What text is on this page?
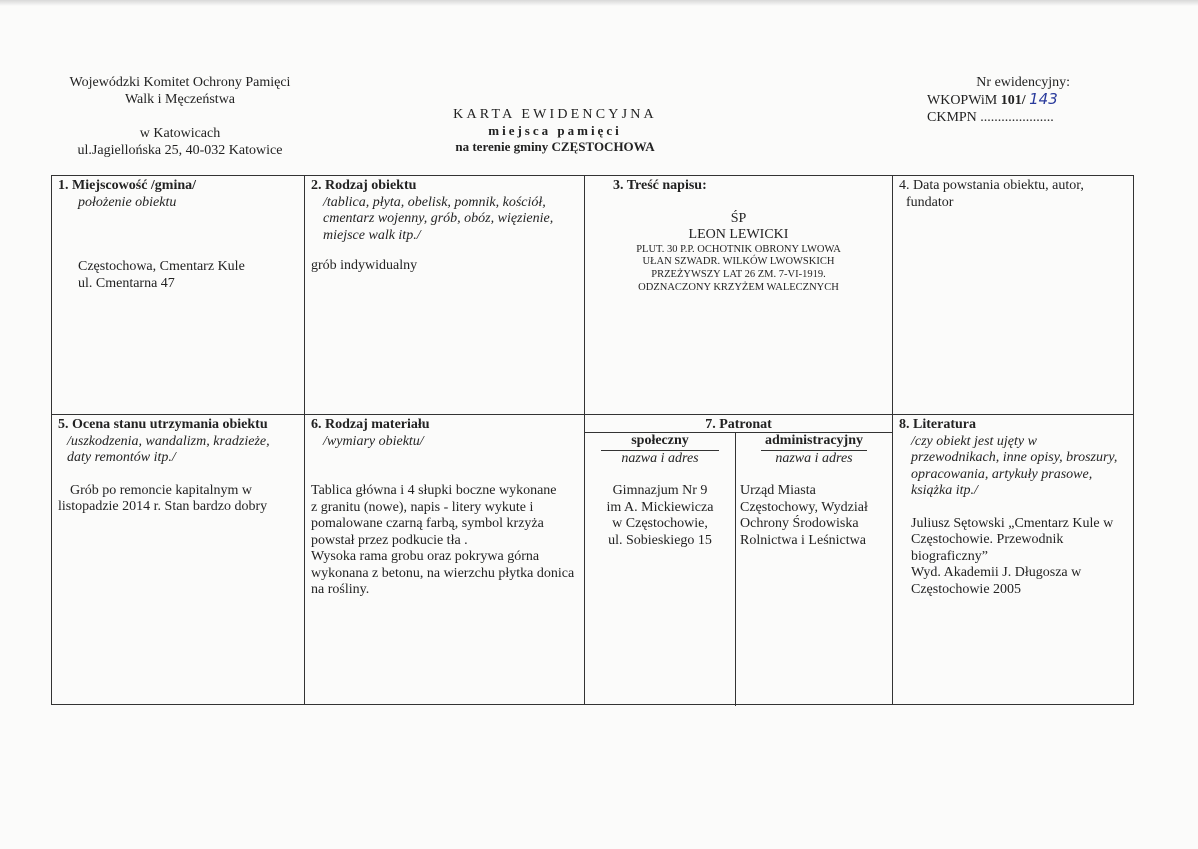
Wojewódzki Komitet Ochrony Pamięci
Walk i Męczeństwa
w Katowicach
ul.Jagiellońska 25, 40-032 Katowice
KARTA EWIDENCYJNA
miejsca pamięci
na terenie gminy CZĘSTOCHOWA
Nr ewidencyjny:
WKOPWiM 101/ 143
CKMPN .....................
1. Miejscowość /gmina/
położenie obiektu
Częstochowa, Cmentarz Kule
ul. Cmentarna 47
2. Rodzaj obiektu
/tablica, płyta, obelisk, pomnik, kościół,
cmentarz wojenny, grób, obóz, więzienie,
miejsce walk itp./
grób indywidualny
3. Treść napisu:
ŚP
LEON LEWICKI
PLUT. 30 P.P. OCHOTNIK OBRONY LWOWA
UŁAN SZWADR. WILKÓW LWOWSKICH
PRZEŻYWSZY LAT 26 ZM. 7-VI-1919.
ODZNACZONY KRZYŻEM WALECZNYCH
4. Data powstania obiektu, autor,
fundator
5. Ocena stanu utrzymania obiektu
/uszkodzenia, wandalizm, kradzieże,
daty remontów itp./
Grób po remoncie kapitalnym w
listopadzie 2014 r. Stan bardzo dobry
6. Rodzaj materiału
/wymiary obiektu/
Tablica główna i 4 słupki boczne wykonane
z granitu (nowe), napis - litery wykute i
pomalowane czarną farbą, symbol krzyża
powstał przez podkucie tła .
Wysoka rama grobu oraz pokrywa górna
wykonana z betonu, na wierzchu płytka donica
na rośliny.
7. Patronat
społeczny
nazwa i adres
Gimnazjum Nr 9
im A. Mickiewicza
w Częstochowie,
ul. Sobieskiego 15
administracyjny
nazwa i adres
Urząd Miasta
Częstochowy, Wydział
Ochrony Środowiska
Rolnictwa i Leśnictwa
8. Literatura
/czy obiekt jest ujęty w
przewodnikach, inne opisy, broszury,
opracowania, artykuły prasowe,
książka itp./
Juliusz Sętowski „Cmentarz Kule w
Częstochowie. Przewodnik
biograficzny”
Wyd. Akademii J. Długosza w
Częstochowie 2005
